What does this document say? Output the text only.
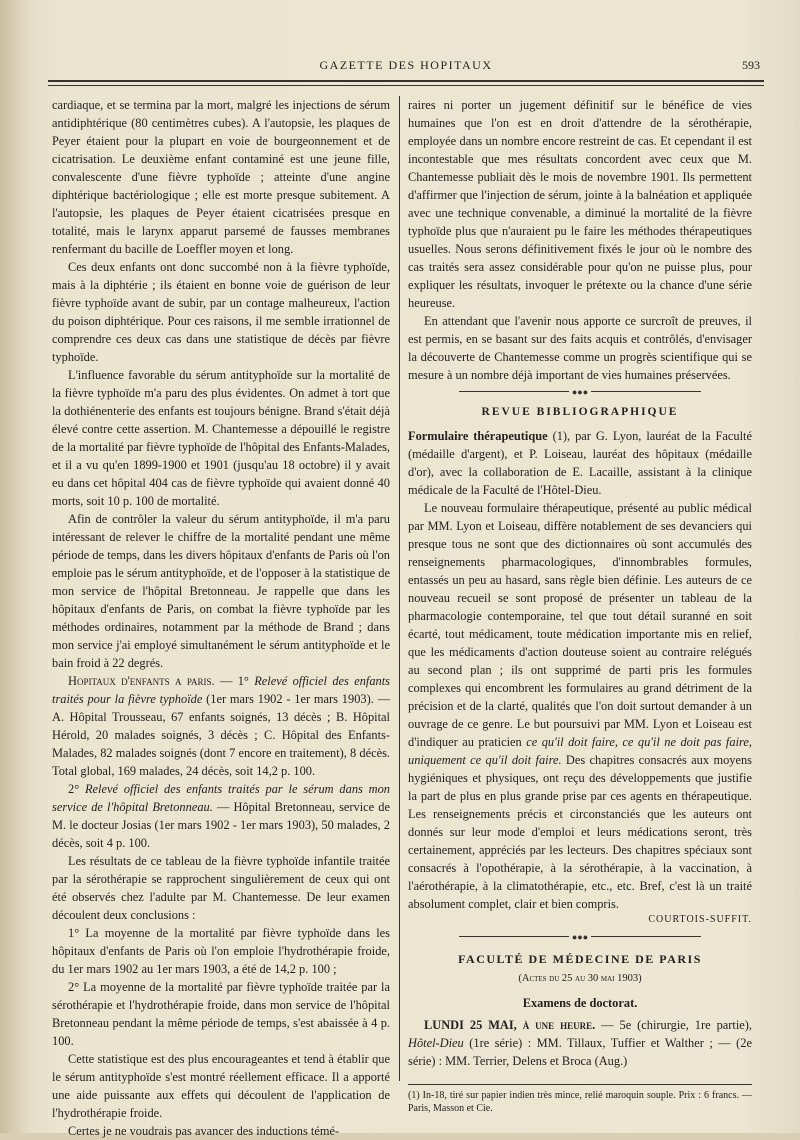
GAZETTE DES HOPITAUX	593

cardiaque, et se termina par la mort, malgré les injections de sérum antidiphtérique (80 centimètres cubes). A l'autopsie, les plaques de Peyer étaient pour la plupart en voie de bourgeonnement et de cicatrisation. Le deuxième enfant contaminé est une jeune fille, convalescente d'une fièvre typhoïde ; atteinte d'une angine diphtérique bactériologique ; elle est morte presque subitement. A l'autopsie, les plaques de Peyer étaient cicatrisées presque en totalité, mais le larynx apparut parsemé de fausses membranes renfermant du bacille de Loeffler moyen et long.

Ces deux enfants ont donc succombé non à la fièvre typhoïde, mais à la diphtérie ; ils étaient en bonne voie de guérison de leur fièvre typhoïde avant de subir, par un contage malheureux, l'action du poison diphtérique. Pour ces raisons, il me semble irrationnel de comprendre ces deux cas dans une statistique de décès par fièvre typhoïde.

L'influence favorable du sérum antityphoïde sur la mortalité de la fièvre typhoïde m'a paru des plus évidentes. On admet à tort que la dothiénenterie des enfants est toujours bénigne. Brand s'était déjà élevé contre cette assertion. M. Chantemesse a dépouillé le registre de la mortalité par fièvre typhoïde de l'hôpital des Enfants-Malades, et il a vu qu'en 1899-1900 et 1901 (jusqu'au 18 octobre) il y avait eu dans cet hôpital 404 cas de fièvre typhoïde qui avaient donné 40 morts, soit 10 p. 100 de mortalité.

Afin de contrôler la valeur du sérum antityphoïde, il m'a paru intéressant de relever le chiffre de la mortalité pendant une même période de temps, dans les divers hôpitaux d'enfants de Paris où l'on emploie pas le sérum antityphoïde, et de l'opposer à la statistique de mon service de l'hôpital Bretonneau. Je rappelle que dans les hôpitaux d'enfants de Paris, on combat la fièvre typhoïde par les méthodes ordinaires, notamment par la méthode de Brand ; dans mon service j'ai employé simultanément le sérum antityphoïde et le bain froid à 22 degrés.

Hopitaux d'enfants a paris. — 1° Relevé officiel des enfants traités pour la fièvre typhoïde (1er mars 1902 - 1er mars 1903). — A. Hôpital Trousseau, 67 enfants soignés, 13 décès ; B. Hôpital Hérold, 20 malades soignés, 3 décès ; C. Hôpital des Enfants-Malades, 82 malades soignés (dont 7 encore en traitement), 8 décès. Total global, 169 malades, 24 décès, soit 14,2 p. 100.

2° Relevé officiel des enfants traités par le sérum dans mon service de l'hôpital Bretonneau. — Hôpital Bretonneau, service de M. le docteur Josias (1er mars 1902 - 1er mars 1903), 50 malades, 2 décès, soit 4 p. 100.

Les résultats de ce tableau de la fièvre typhoïde infantile traitée par la sérothérapie se rapprochent singulièrement de ceux qui ont été observés chez l'adulte par M. Chantemesse. De leur examen découlent deux conclusions :

1° La moyenne de la mortalité par fièvre typhoïde dans les hôpitaux d'enfants de Paris où l'on emploie l'hydrothérapie froide, du 1er mars 1902 au 1er mars 1903, a été de 14,2 p. 100 ;

2° La moyenne de la mortalité par fièvre typhoïde traitée par la sérothérapie et l'hydrothérapie froide, dans mon service de l'hôpital Bretonneau pendant la même période de temps, s'est abaissée à 4 p. 100.

Cette statistique est des plus encourageantes et tend à établir que le sérum antityphoïde s'est montré réellement efficace. Il a apporté une aide puissante aux effets qui découlent de l'application de l'hydrothérapie froide.

Certes je ne voudrais pas avancer des inductions témé-

raires ni porter un jugement définitif sur le bénéfice de vies humaines que l'on est en droit d'attendre de la sérothérapie, employée dans un nombre encore restreint de cas. Et cependant il est incontestable que mes résultats concordent avec ceux que M. Chantemesse publiait dès le mois de novembre 1901. Ils permettent d'affirmer que l'injection de sérum, jointe à la balnéation et appliquée avec une technique convenable, a diminué la mortalité de la fièvre typhoïde plus que n'auraient pu le faire les méthodes thérapeutiques usuelles. Nous serons définitivement fixés le jour où le nombre des cas traités sera assez considérable pour qu'on ne puisse plus, pour expliquer les résultats, invoquer le prétexte ou la chance d'une série heureuse.

En attendant que l'avenir nous apporte ce surcroît de preuves, il est permis, en se basant sur des faits acquis et contrôlés, d'envisager la découverte de Chantemesse comme un progrès scientifique qui se mesure à un nombre déjà important de vies humaines préservées.

●●●
REVUE BIBLIOGRAPHIQUE

Formulaire thérapeutique (1), par G. Lyon, lauréat de la Faculté (médaille d'argent), et P. Loiseau, lauréat des hôpitaux (médaille d'or), avec la collaboration de E. Lacaille, assistant à la clinique médicale de la Faculté de l'Hôtel-Dieu.

Le nouveau formulaire thérapeutique, présenté au public médical par MM. Lyon et Loiseau, diffère notablement de ses devanciers qui presque tous ne sont que des dictionnaires où sont accumulés des renseignements pharmacologiques, d'innombrables formules, entassés un peu au hasard, sans règle bien définie. Les auteurs de ce nouveau recueil se sont proposé de présenter un tableau de la pharmacologie contemporaine, tel que tout détail suranné en soit écarté, tout médicament, toute médication importante mis en relief, que les médicaments d'action douteuse soient au contraire relégués au second plan ; ils ont supprimé de parti pris les formules complexes qui encombrent les formulaires au grand détriment de la précision et de la clarté, qualités que l'on doit surtout demander à un ouvrage de ce genre. Le but poursuivi par MM. Lyon et Loiseau est d'indiquer au praticien ce qu'il doit faire, ce qu'il ne doit pas faire, uniquement ce qu'il doit faire. Des chapitres consacrés aux moyens hygiéniques et physiques, ont reçu des développements que justifie la part de plus en plus grande prise par ces agents en thérapeutique. Les renseignements précis et circonstanciés que les auteurs ont donnés sur leur mode d'emploi et leurs médications seront, très certainement, appréciés par les lecteurs. Des chapitres spéciaux sont consacrés à l'opothérapie, à la sérothérapie, à la vaccination, à l'aérothérapie, à la climatothérapie, etc., etc. Bref, c'est là un traité absolument complet, clair et bien compris.

COURTOIS-SUFFIT.
●●●
FACULTÉ DE MÉDECINE DE PARIS
(Actes du 25 au 30 mai 1903)
Examens de doctorat.

LUNDI 25 MAI, à une heure. — 5e (chirurgie, 1re partie), Hôtel-Dieu (1re série) : MM. Tillaux, Tuffier et Walther ; — (2e série) : MM. Terrier, Delens et Broca (Aug.)

(1) In-18, tiré sur papier indien très mince, relié maroquin souple. Prix : 6 francs. — Paris, Masson et Cie.
